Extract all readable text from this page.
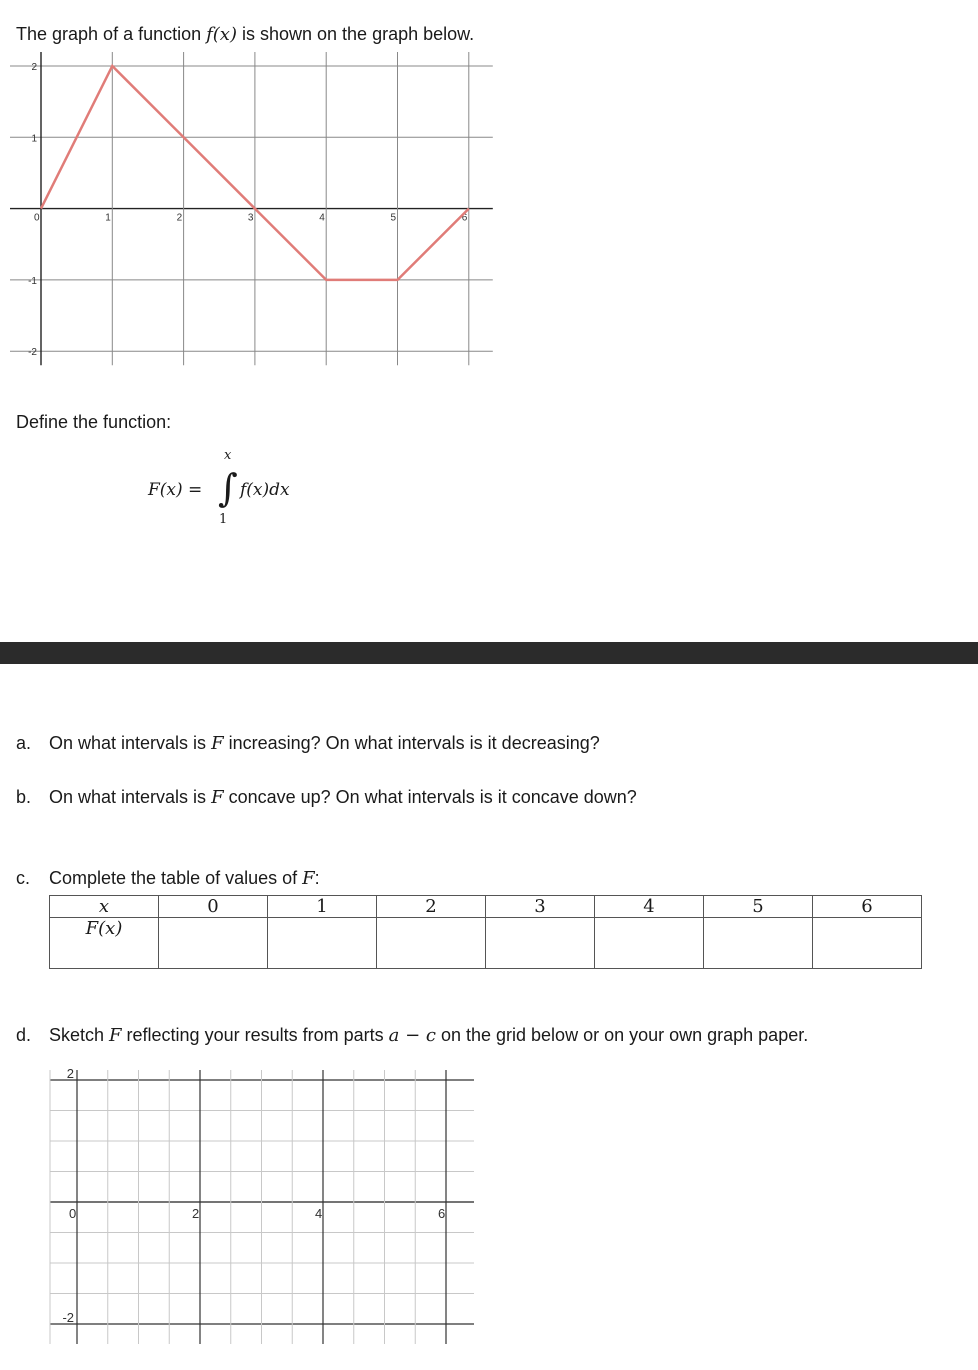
The graph of a function f(x) is shown on the graph below.

0	1	2	3	4	5	6
2
1
-1
-2

Define the function:

F(x) = ∫
x
1
f(x)dx

a. On what intervals is F increasing? On what intervals is it decreasing?

b. On what intervals is F concave up? On what intervals is it concave down?

c. Complete the table of values of F:

x	0	1	2	3	4	5	6
F(x)							

d. Sketch F reflecting your results from parts a − c on the grid below or on your own graph paper.

0	2	4	6
2
-2
